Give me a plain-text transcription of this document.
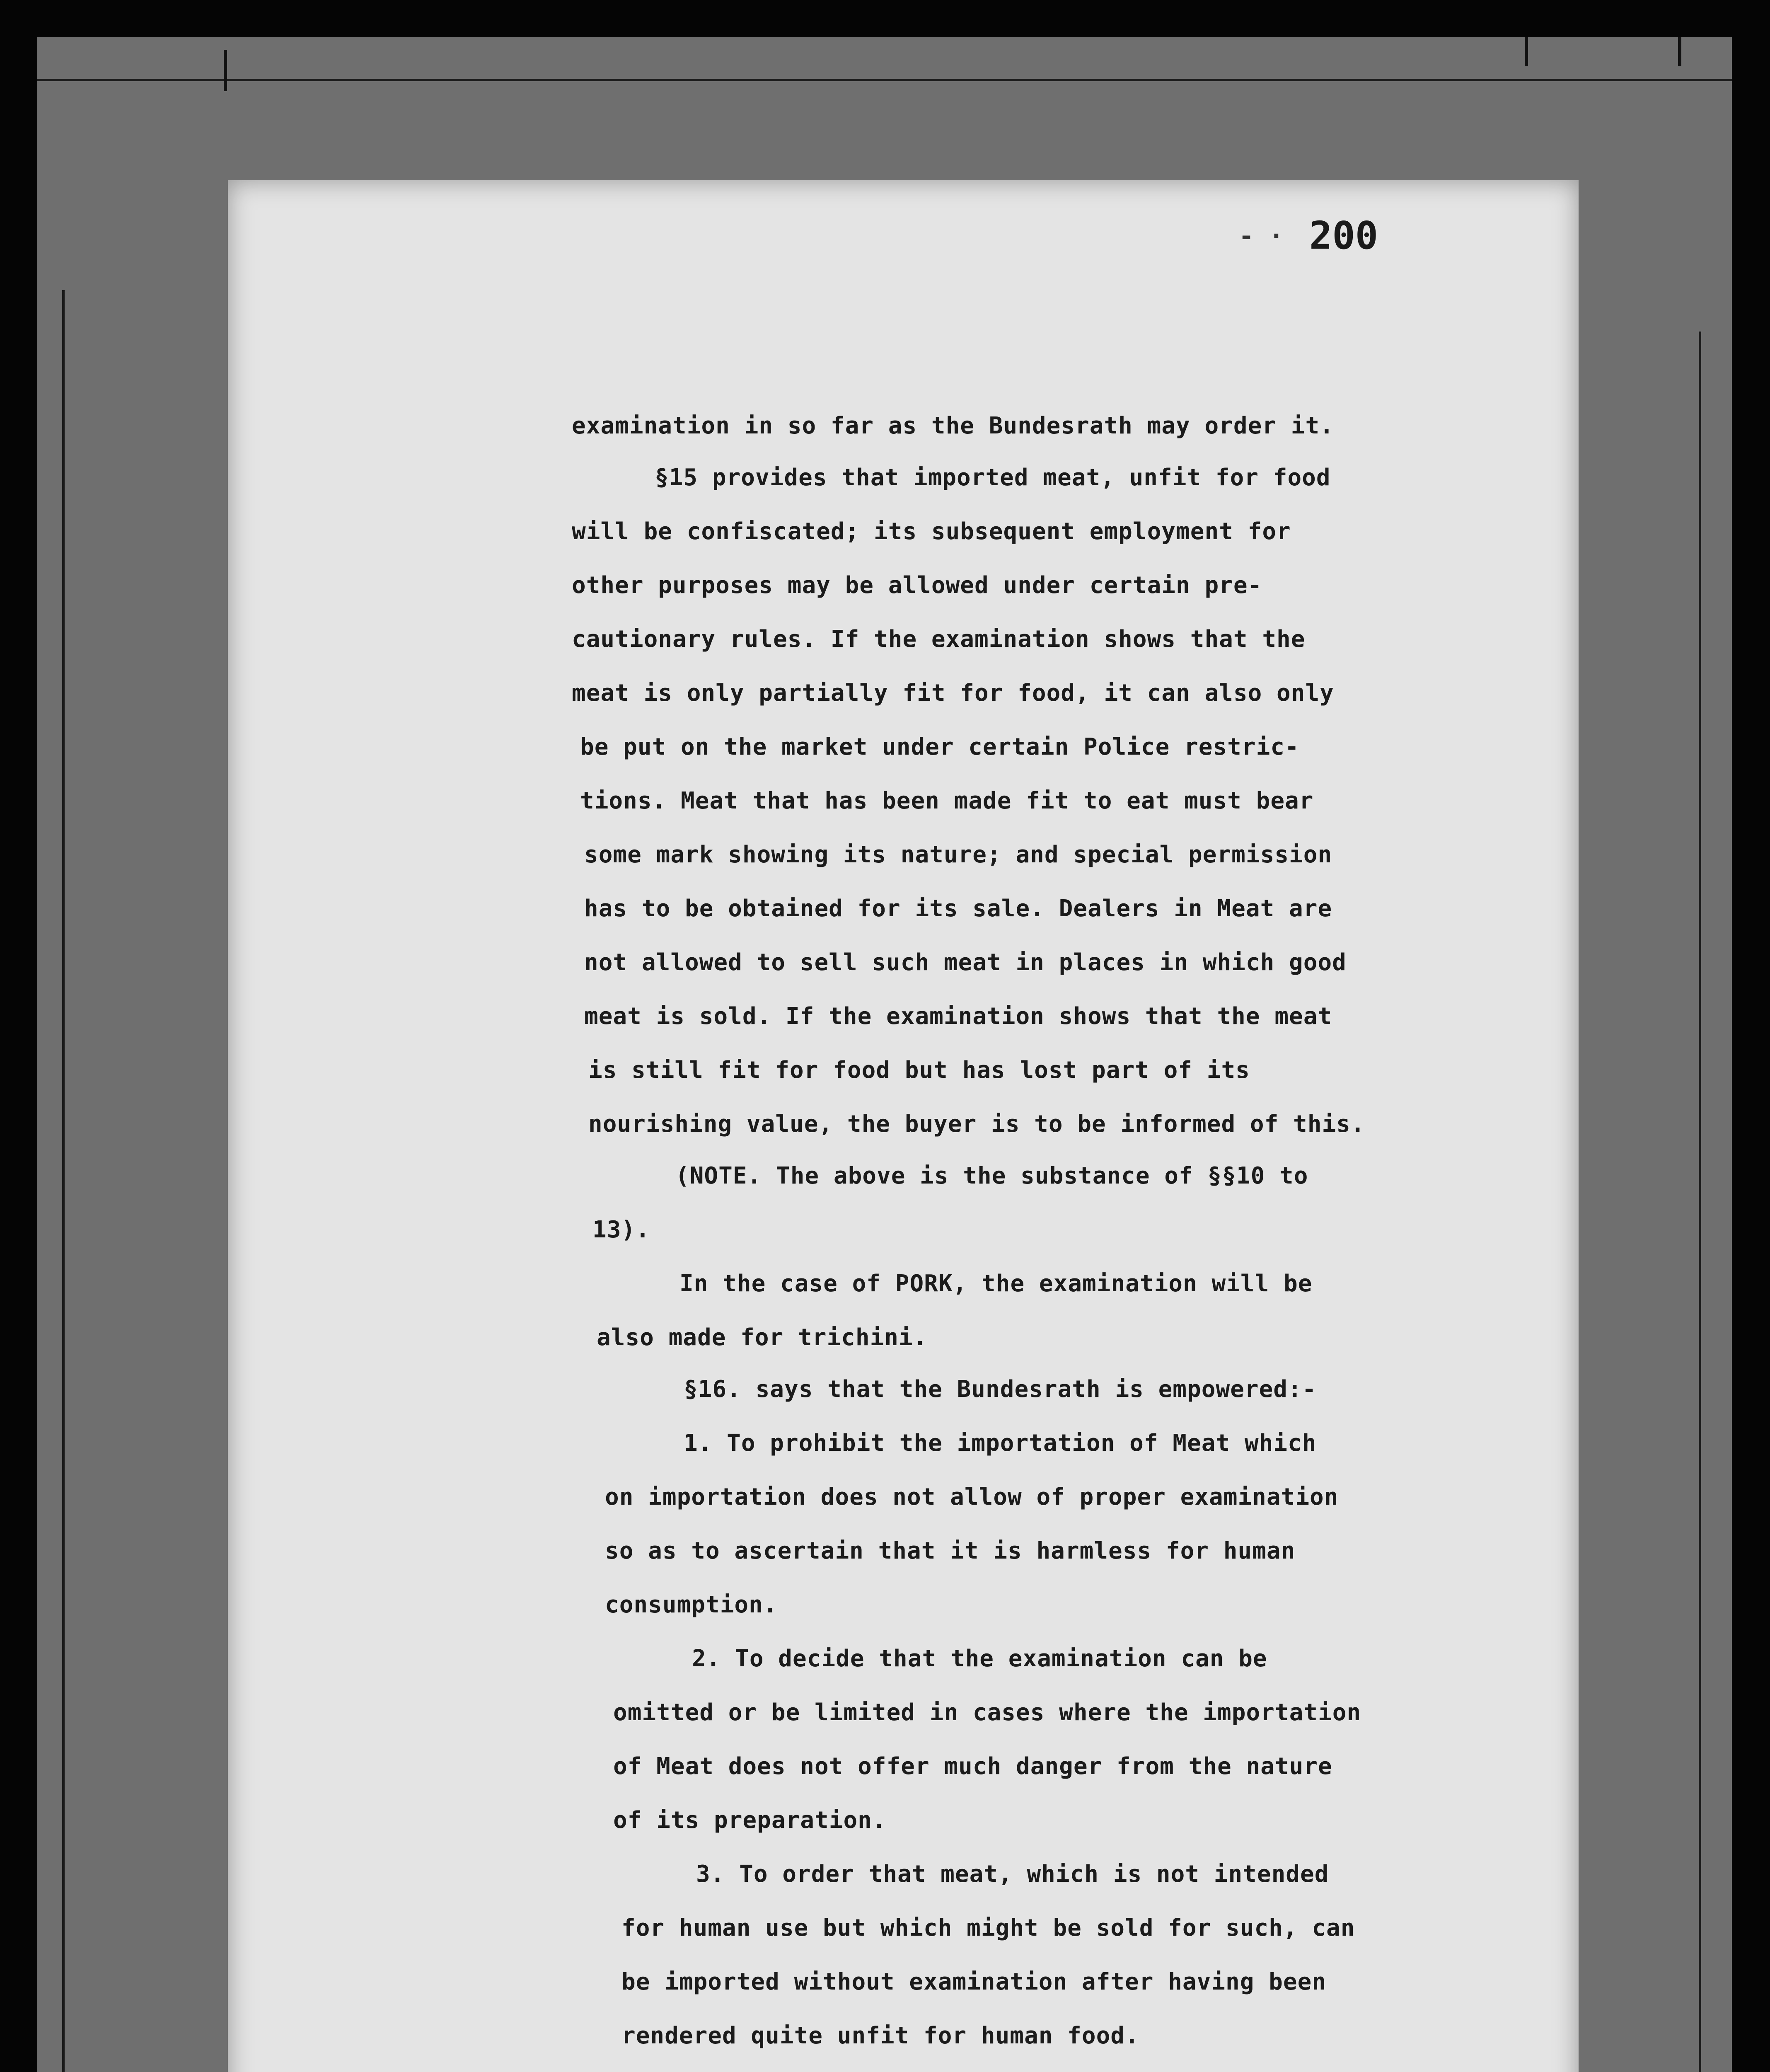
‑ · 200
examination in so far as the Bundesrath may order it.
§15 provides that imported meat, unfit for food
will be confiscated; its subsequent employment for
other purposes may be allowed under certain pre-
cautionary rules. If the examination shows that the
meat is only partially fit for food, it can also only
be put on the market under certain Police restric-
tions. Meat that has been made fit to eat must bear
some mark showing its nature; and special permission
has to be obtained for its sale. Dealers in Meat are
not allowed to sell such meat in places in which good
meat is sold. If the examination shows that the meat
is still fit for food but has lost part of its
nourishing value, the buyer is to be informed of this.
(NOTE. The above is the substance of §§10 to
13).
In the case of PORK, the examination will be
also made for trichini.
§16. says that the Bundesrath is empowered:-
1. To prohibit the importation of Meat which
on importation does not allow of proper examination
so as to ascertain that it is harmless for human
consumption.
2. To decide that the examination can be
omitted or be limited in cases where the importation
of Meat does not offer much danger from the nature
of its preparation.
3. To order that meat, which is not intended
for human use but which might be sold for such, can
be imported without examination after having been
rendered quite unfit for human food.
